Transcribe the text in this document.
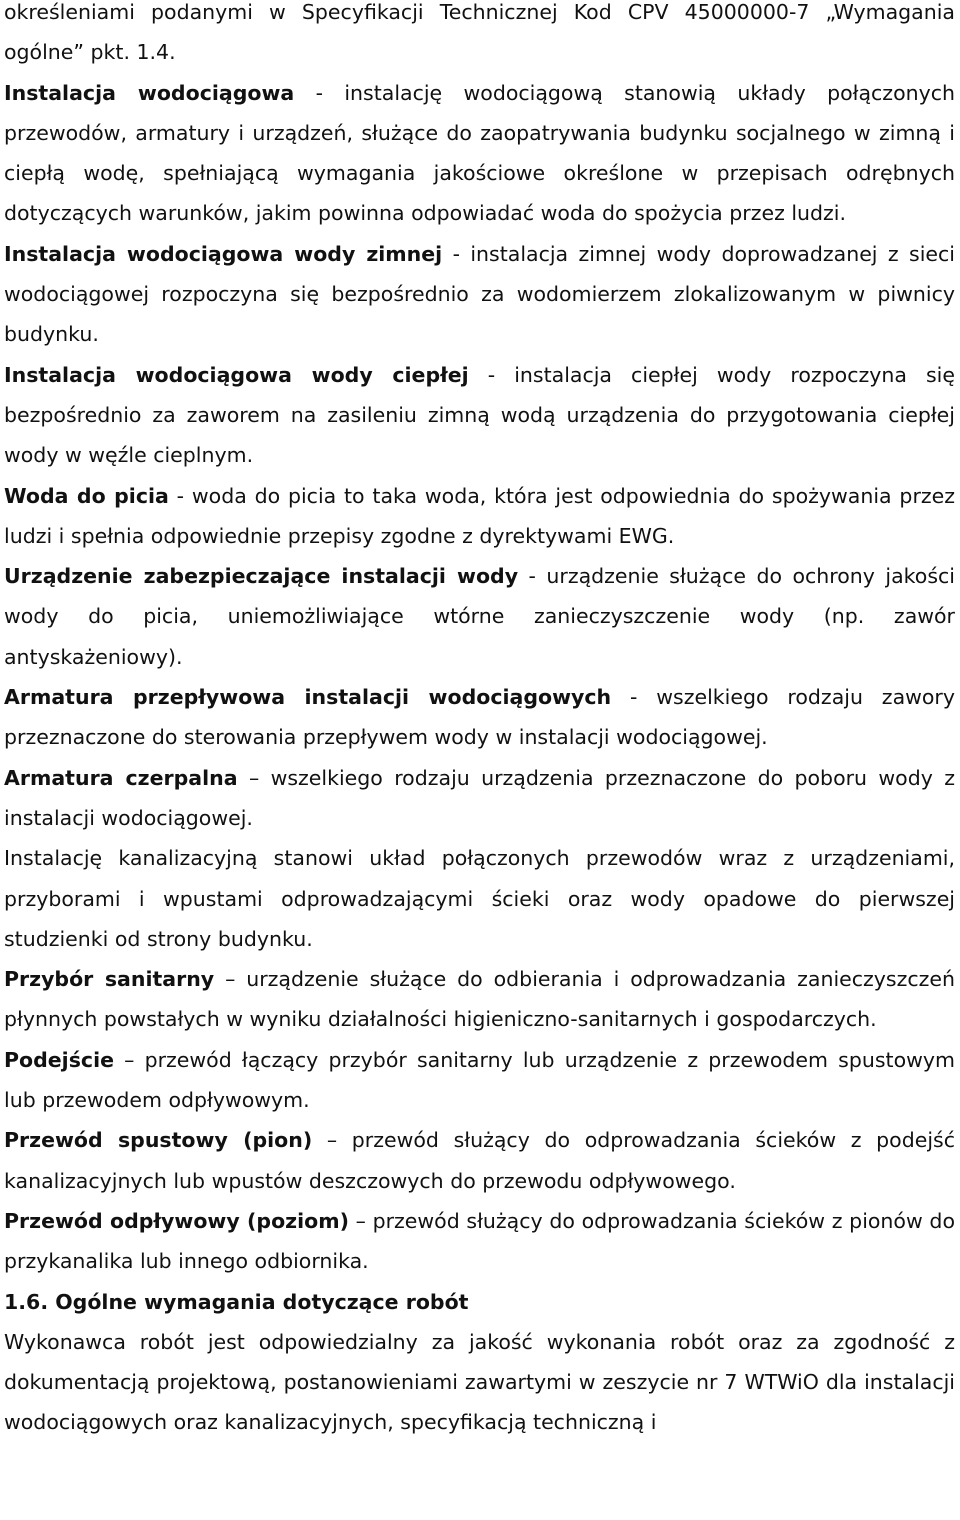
określeniami podanymi w Specyfikacji Technicznej Kod CPV 45000000-7 „Wymagania ogólne” pkt. 1.4.

Instalacja wodociągowa - instalację wodociągową stanowią układy połączonych przewodów, armatury i urządzeń, służące do zaopatrywania budynku socjalnego w zimną i ciepłą wodę, spełniającą wymagania jakościowe określone w przepisach odrębnych dotyczących warunków, jakim powinna odpowiadać woda do spożycia przez ludzi.

Instalacja wodociągowa wody zimnej - instalacja zimnej wody doprowadzanej z sieci wodociągowej rozpoczyna się bezpośrednio za wodomierzem zlokalizowanym w piwnicy budynku.

Instalacja wodociągowa wody ciepłej - instalacja ciepłej wody rozpoczyna się bezpośrednio za zaworem na zasileniu zimną wodą urządzenia do przygotowania ciepłej wody w węźle cieplnym.

Woda do picia - woda do picia to taka woda, która jest odpowiednia do spożywania przez ludzi i spełnia odpowiednie przepisy zgodne z dyrektywami EWG.

Urządzenie zabezpieczające instalacji wody - urządzenie służące do ochrony jakości wody do picia, uniemożliwiające wtórne zanieczyszczenie wody (np. zawór antyskażeniowy).

Armatura przepływowa instalacji wodociągowych - wszelkiego rodzaju zawory przeznaczone do sterowania przepływem wody w instalacji wodociągowej.

Armatura czerpalna – wszelkiego rodzaju urządzenia przeznaczone do poboru wody z instalacji wodociągowej.

Instalację kanalizacyjną stanowi układ połączonych przewodów wraz z urządzeniami, przyborami i wpustami odprowadzającymi ścieki oraz wody opadowe do pierwszej studzienki od strony budynku.

Przybór sanitarny – urządzenie służące do odbierania i odprowadzania zanieczyszczeń płynnych powstałych w wyniku działalności higieniczno-sanitarnych i gospodarczych.

Podejście – przewód łączący przybór sanitarny lub urządzenie z przewodem spustowym lub przewodem odpływowym.

Przewód spustowy (pion) – przewód służący do odprowadzania ścieków z podejść kanalizacyjnych lub wpustów deszczowych do przewodu odpływowego.

Przewód odpływowy (poziom) – przewód służący do odprowadzania ścieków z pionów do przykanalika lub innego odbiornika.

1.6. Ogólne wymagania dotyczące robót

Wykonawca robót jest odpowiedzialny za jakość wykonania robót oraz za zgodność z dokumentacją projektową, postanowieniami zawartymi w zeszycie nr 7 WTWiO dla instalacji wodociągowych oraz kanalizacyjnych, specyfikacją techniczną i
